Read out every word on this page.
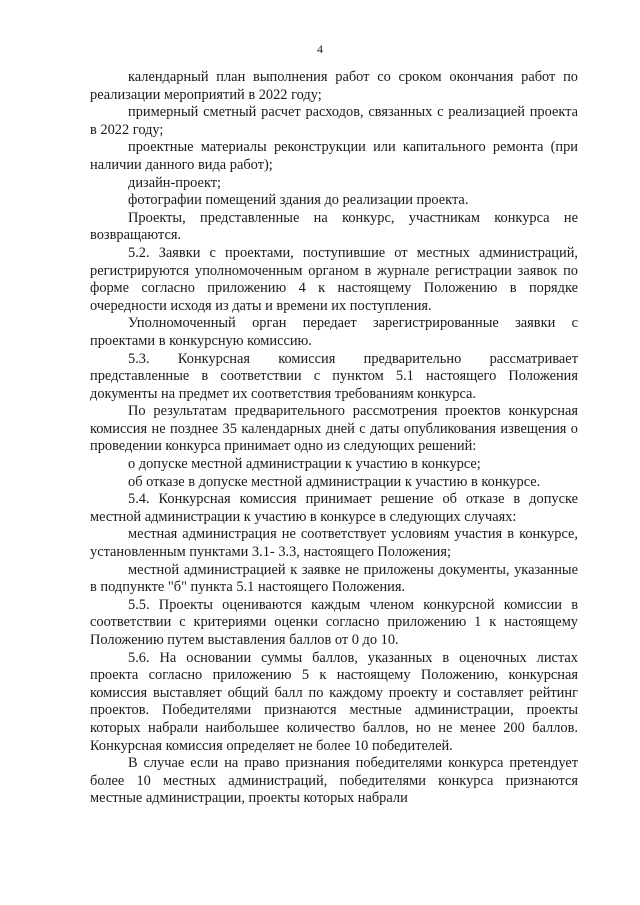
4

календарный план выполнения работ со сроком окончания работ по реализации мероприятий в 2022 году;

примерный сметный расчет расходов, связанных с реализацией проекта в 2022 году;

проектные материалы реконструкции или капитального ремонта (при наличии данного вида работ);

дизайн-проект;

фотографии помещений здания до реализации проекта.

Проекты, представленные на конкурс, участникам конкурса не возвращаются.

5.2. Заявки с проектами, поступившие от местных администраций, регистрируются уполномоченным органом в журнале регистрации заявок по форме согласно приложению 4 к настоящему Положению в порядке очередности исходя из даты и времени их поступления.

Уполномоченный орган передает зарегистрированные заявки с проектами в конкурсную комиссию.

5.3. Конкурсная комиссия предварительно рассматривает представленные в соответствии с пунктом 5.1 настоящего Положения документы на предмет их соответствия требованиям конкурса.

По результатам предварительного рассмотрения проектов конкурсная комиссия не позднее 35 календарных дней с даты опубликования извещения о проведении конкурса принимает одно из следующих решений:

о допуске местной администрации к участию в конкурсе;

об отказе в допуске местной администрации к участию в конкурсе.

5.4. Конкурсная комиссия принимает решение об отказе в допуске местной администрации к участию в конкурсе в следующих случаях:

местная администрация не соответствует условиям участия в конкурсе, установленным пунктами 3.1- 3.3, настоящего Положения;

местной администрацией к заявке не приложены документы, указанные в подпункте "б" пункта 5.1 настоящего Положения.

5.5. Проекты оцениваются каждым членом конкурсной комиссии в соответствии с критериями оценки согласно приложению 1 к настоящему Положению путем выставления баллов от 0 до 10.

5.6. На основании суммы баллов, указанных в оценочных листах проекта согласно приложению 5 к настоящему Положению, конкурсная комиссия выставляет общий балл по каждому проекту и составляет рейтинг проектов. Победителями признаются местные администрации, проекты которых набрали наибольшее количество баллов, но не менее 200 баллов. Конкурсная комиссия определяет не более 10 победителей.

В случае если на право признания победителями конкурса претендует более 10 местных администраций, победителями конкурса признаются местные администрации, проекты которых набрали
